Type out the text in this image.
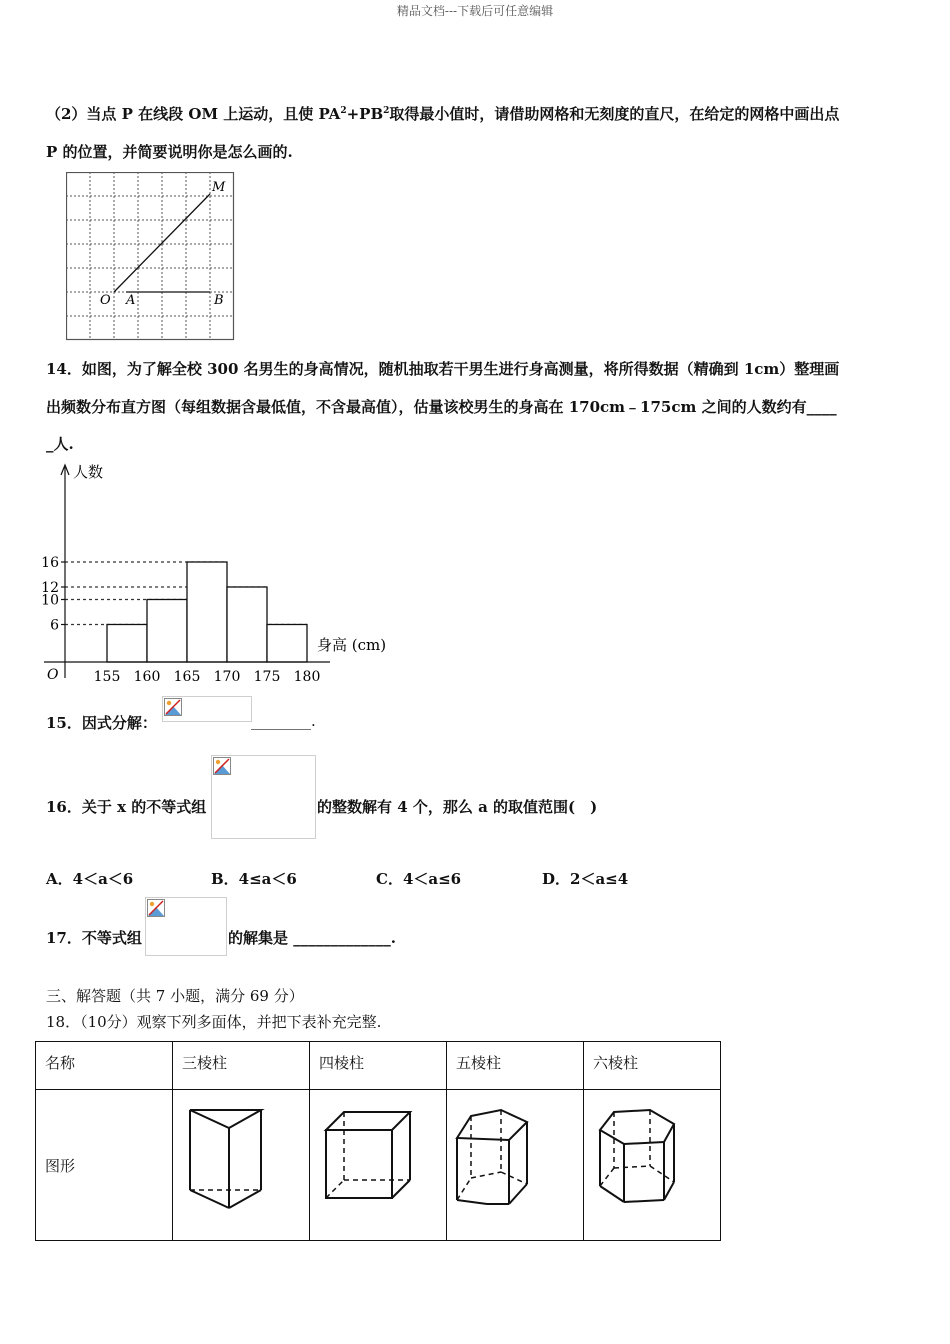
精品文档---下载后可任意编辑
（2）当点 P 在线段 OM 上运动，且使 $PA^2+PB^2$取得最小值时，请借助网格和无刻度的直尺，在给定的网格中画出点
P 的位置，并简要说明你是怎么画的.
O A	B
M
14．如图，为了解全校 300 名男生的身高情况，随机抽取若干男生进行身高测量，将所得数据（精确到 1cm）整理画
出频数分布直方图（每组数据含最低值，不含最高值），估量该校男生的身高在 170cm﹣175cm 之间的人数约有____
_人.
人数
身高 (cm)
O
16
12
10
6
155 160 165 170 175 180
15．因式分解：	________.
16．关于 x 的不等式组	的整数解有 4 个，那么 a 的取值范围(　)
A．4＜a＜6	B．4≤a＜6	C．4＜a≤6	D．2＜a≤4
17．不等式组	的解集是 _____________.
三、解答题（共 7 小题，满分 69 分）
18．（10分）观察下列多面体，并把下表补充完整.
名称	三棱柱	四棱柱	五棱柱	六棱柱
图形				
